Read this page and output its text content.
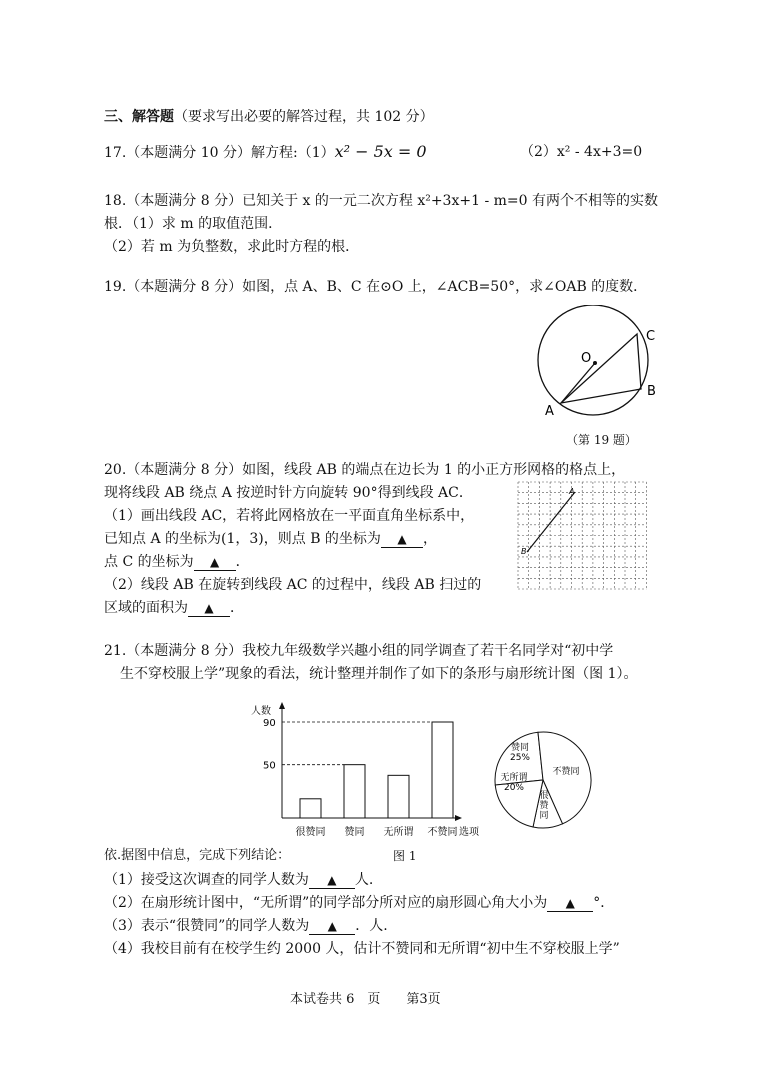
三、解答题（要求写出必要的解答过程，共 102 分）
17.（本题满分 10 分）解方程:（1）x² − 5x = 0	（2）x² - 4x+3=0
18.（本题满分 8 分）已知关于 x 的一元二次方程 x²+3x+1 - m=0 有两个不相等的实数
根．（1）求 m 的取值范围．
（2）若 m 为负整数，求此时方程的根．
19.（本题满分 8 分）如图，点 A、B、C 在⊙O 上，∠ACB=50°，求∠OAB 的度数．
A
B
C
O
（第 19 题）
20.（本题满分 8 分）如图，线段 AB 的端点在边长为 1 的小正方形网格的格点上，
现将线段 AB 绕点 A 按逆时针方向旋转 90°得到线段 AC．
（1）画出线段 AC，若将此网格放在一平面直角坐标系中，
已知点 A 的坐标为(1，3)，则点 B 的坐标为 ▲ ，
点 C 的坐标为 ▲ ．
（2）线段 AB 在旋转到线段 AC 的过程中，线段 AB 扫过的
区域的面积为 ▲ ．
A
B
21.（本题满分 8 分）我校九年级数学兴趣小组的同学调查了若干名同学对“初中学
生不穿校服上学”现象的看法，统计整理并制作了如下的条形与扇形统计图（图 1）。
人数
选项
50
90
很赞同 赞同 无所谓 不赞同
赞同 25%
不赞同
很赞同
无所谓 20%
依.据图中信息，完成下列结论：	图 1
（1）接受这次调查的同学人数为 ▲ 人.
（2）在扇形统计图中，“无所谓”的同学部分所对应的扇形圆心角大小为 ▲ °．
（3）表示“很赞同”的同学人数为 ▲ ．人.
（4）我校目前有在校学生约 2000 人，估计不赞同和无所谓“初中生不穿校服上学”
本试卷共 6　页　　第3页
